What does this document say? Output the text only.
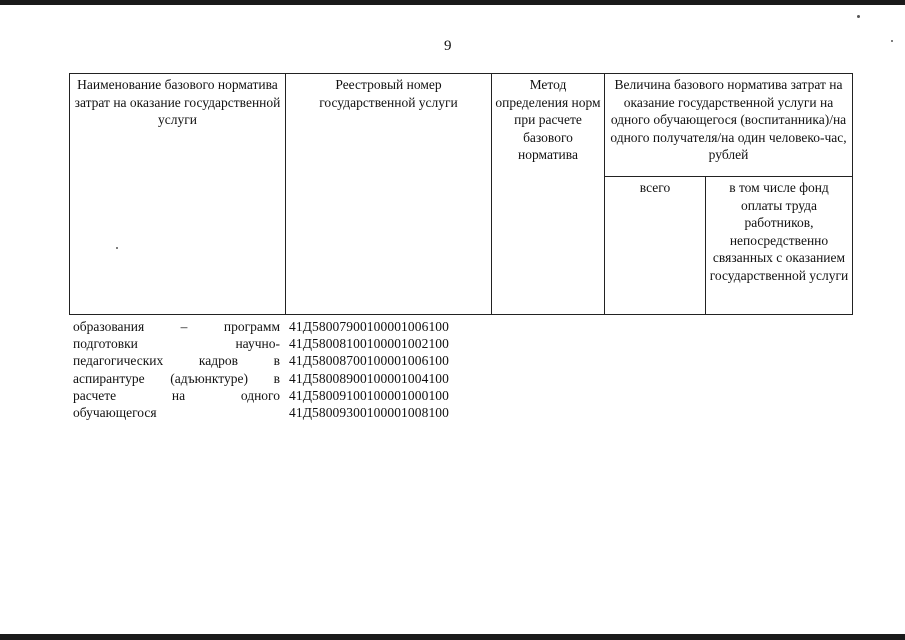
9
Наименование базового норматива затрат на оказание государственной услуги	Реестровый номер государственной услуги	Метод определения норм при расчете базового норматива	Величина базового норматива затрат на оказание государственной услуги на одного обучающегося (воспитанника)/на одного получателя/на один человеко-час, рублей	
			всего	в том числе фонд оплаты труда работников, непосредственно связанных с оказанием государственной услуги
образования – программ 41Д58007900100001006100
подготовки научно- 41Д58008100100001002100
педагогических кадров в 41Д58008700100001006100
аспирантуре (адъюнктуре) в 41Д58008900100001004100
расчете на одного 41Д58009100100001000100
обучающегося	41Д58009300100001008100
